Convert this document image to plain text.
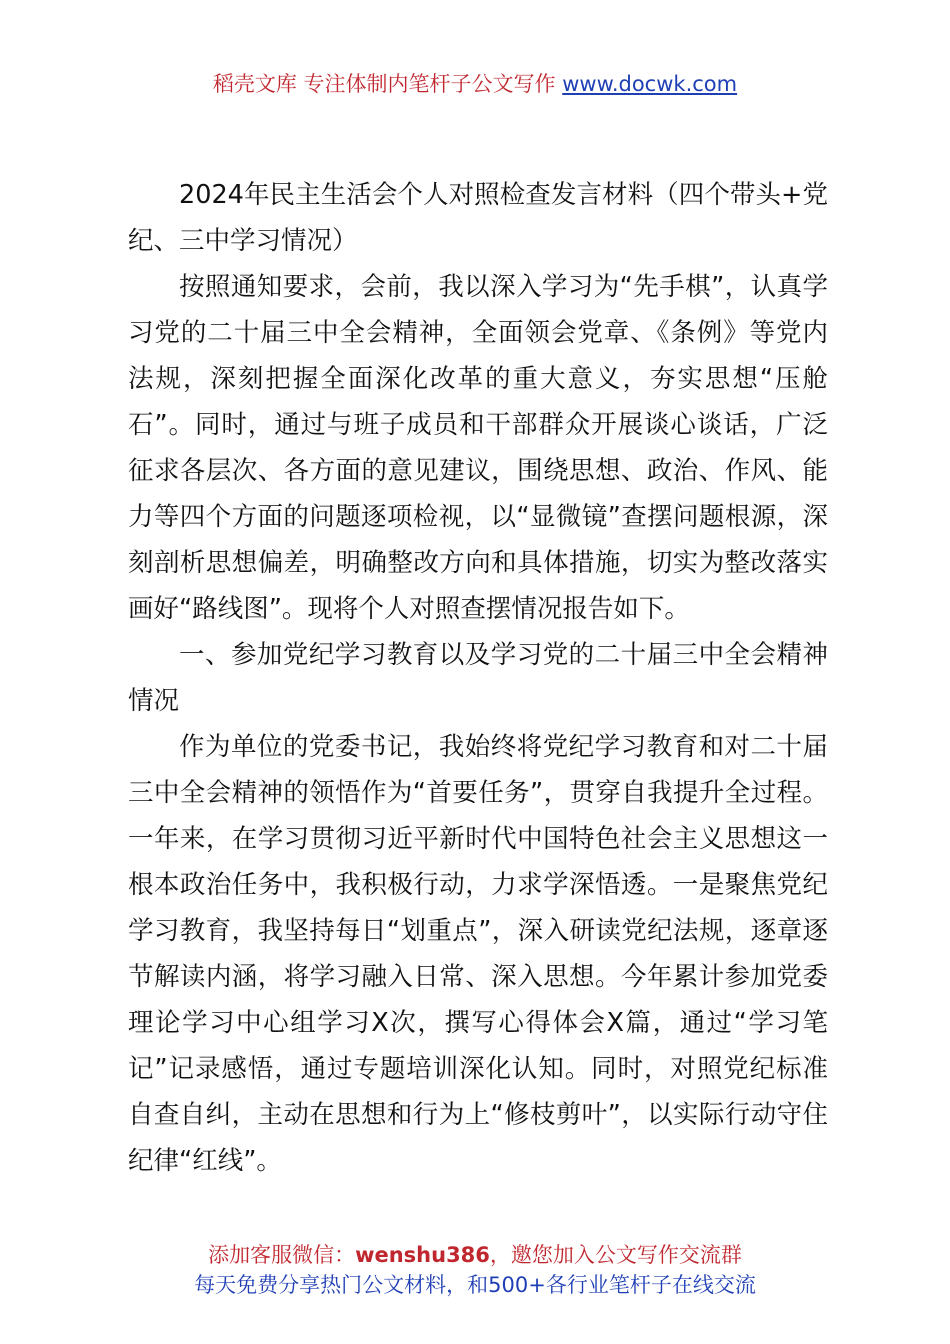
稻壳文库 专注体制内笔杆子公文写作 www.docwk.com

2024年民主生活会个人对照检查发言材料（四个带头+党纪、三中学习情况）

按照通知要求，会前，我以深入学习为“先手棋”，认真学习党的二十届三中全会精神，全面领会党章、《条例》等党内法规，深刻把握全面深化改革的重大意义，夯实思想“压舱石”。同时，通过与班子成员和干部群众开展谈心谈话，广泛征求各层次、各方面的意见建议，围绕思想、政治、作风、能力等四个方面的问题逐项检视，以“显微镜”查摆问题根源，深刻剖析思想偏差，明确整改方向和具体措施，切实为整改落实画好“路线图”。现将个人对照查摆情况报告如下。

一、参加党纪学习教育以及学习党的二十届三中全会精神情况

作为单位的党委书记，我始终将党纪学习教育和对二十届三中全会精神的领悟作为“首要任务”，贯穿自我提升全过程。一年来，在学习贯彻习近平新时代中国特色社会主义思想这一根本政治任务中，我积极行动，力求学深悟透。一是聚焦党纪学习教育，我坚持每日“划重点”，深入研读党纪法规，逐章逐节解读内涵，将学习融入日常、深入思想。今年累计参加党委理论学习中心组学习X次，撰写心得体会X篇，通过“学习笔记”记录感悟，通过专题培训深化认知。同时，对照党纪标准自查自纠，主动在思想和行为上“修枝剪叶”，以实际行动守住纪律“红线”。

添加客服微信：wenshu386，邀您加入公文写作交流群
每天免费分享热门公文材料，和500+各行业笔杆子在线交流
